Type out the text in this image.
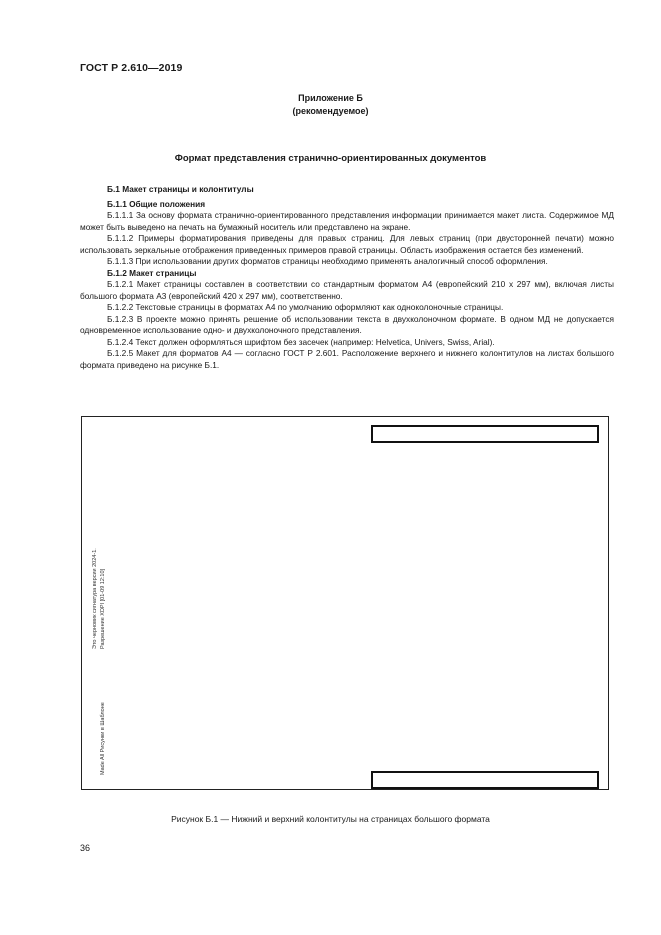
ГОСТ Р 2.610—2019
Приложение Б
(рекомендуемое)
Формат представления странично-ориентированных документов
Б.1 Макет страницы и колонтитулы
Б.1.1 Общие положения

Б.1.1.1 За основу формата странично-ориентированного представления информации принимается макет листа. Содержимое МД может быть выведено на печать на бумажный носитель или представлено на экране.

Б.1.1.2 Примеры форматирования приведены для правых страниц. Для левых страниц (при двусторонней печати) можно использовать зеркальные отображения приведенных примеров правой страницы. Область изображения остается без изменений.

Б.1.1.3 При использовании других форматов страницы необходимо применять аналогичный способ оформления.

Б.1.2 Макет страницы

Б.1.2.1 Макет страницы составлен в соответствии со стандартным форматом А4 (европейский 210 x 297 мм), включая листы большого формата А3 (европейский 420 x 297 мм), соответственно.

Б.1.2.2 Текстовые страницы в форматах А4 по умолчанию оформляют как одноколоночные страницы.

Б.1.2.3 В проекте можно принять решение об использовании текста в двухколоночном формате. В одном МД не допускается одновременное использование одно- и двухколоночного представления.

Б.1.2.4 Текст должен оформляться шрифтом без засечек (например: Helvetica, Univers, Swiss, Arial).

Б.1.2.5 Макет для форматов А4 — согласно ГОСТ Р 2.601. Расположение верхнего и нижнего колонтитулов на листах большого формата приведено на рисунке Б.1.

Это черновик сигнатура версии 2024-1. Разрешение XDPI [01-09 12:10]
Made All Рисунки в Шаблоне
Рисунок Б.1 — Нижний и верхний колонтитулы на страницах большого формата
36
